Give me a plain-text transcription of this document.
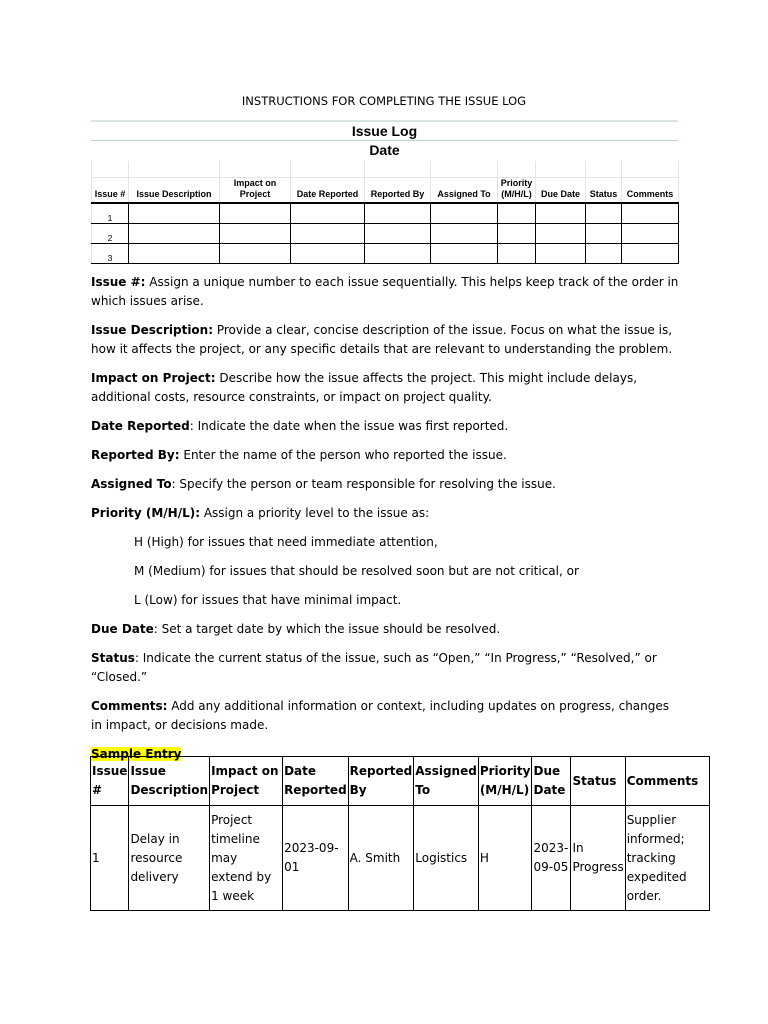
INSTRUCTIONS FOR COMPLETING THE ISSUE LOG
Issue Log
Date

Issue #	Issue Description	Impact on Project	Date Reported	Reported By	Assigned To	Priority (M/H/L)	Due Date	Status	Comments
1									
2									
3									

Issue #: Assign a unique number to each issue sequentially. This helps keep track of the order in which issues arise.

Issue Description: Provide a clear, concise description of the issue. Focus on what the issue is, how it affects the project, or any specific details that are relevant to understanding the problem.

Impact on Project: Describe how the issue affects the project. This might include delays, additional costs, resource constraints, or impact on project quality.

Date Reported: Indicate the date when the issue was first reported.

Reported By: Enter the name of the person who reported the issue.

Assigned To: Specify the person or team responsible for resolving the issue.

Priority (M/H/L): Assign a priority level to the issue as:

H (High) for issues that need immediate attention,

M (Medium) for issues that should be resolved soon but are not critical, or

L (Low) for issues that have minimal impact.

Due Date: Set a target date by which the issue should be resolved.

Status: Indicate the current status of the issue, such as “Open,” “In Progress,” “Resolved,” or “Closed.”

Comments: Add any additional information or context, including updates on progress, changes in impact, or decisions made.

Sample Entry

Issue #	Issue Description	Impact on Project	Date Reported	Reported By	Assigned To	Priority (M/H/L)	Due Date	Status	Comments
1	Delay in resource delivery	Project timeline may extend by 1 week	2023-09-01	A. Smith	Logistics	H	2023-09-05	In Progress	Supplier informed; tracking expedited order.
